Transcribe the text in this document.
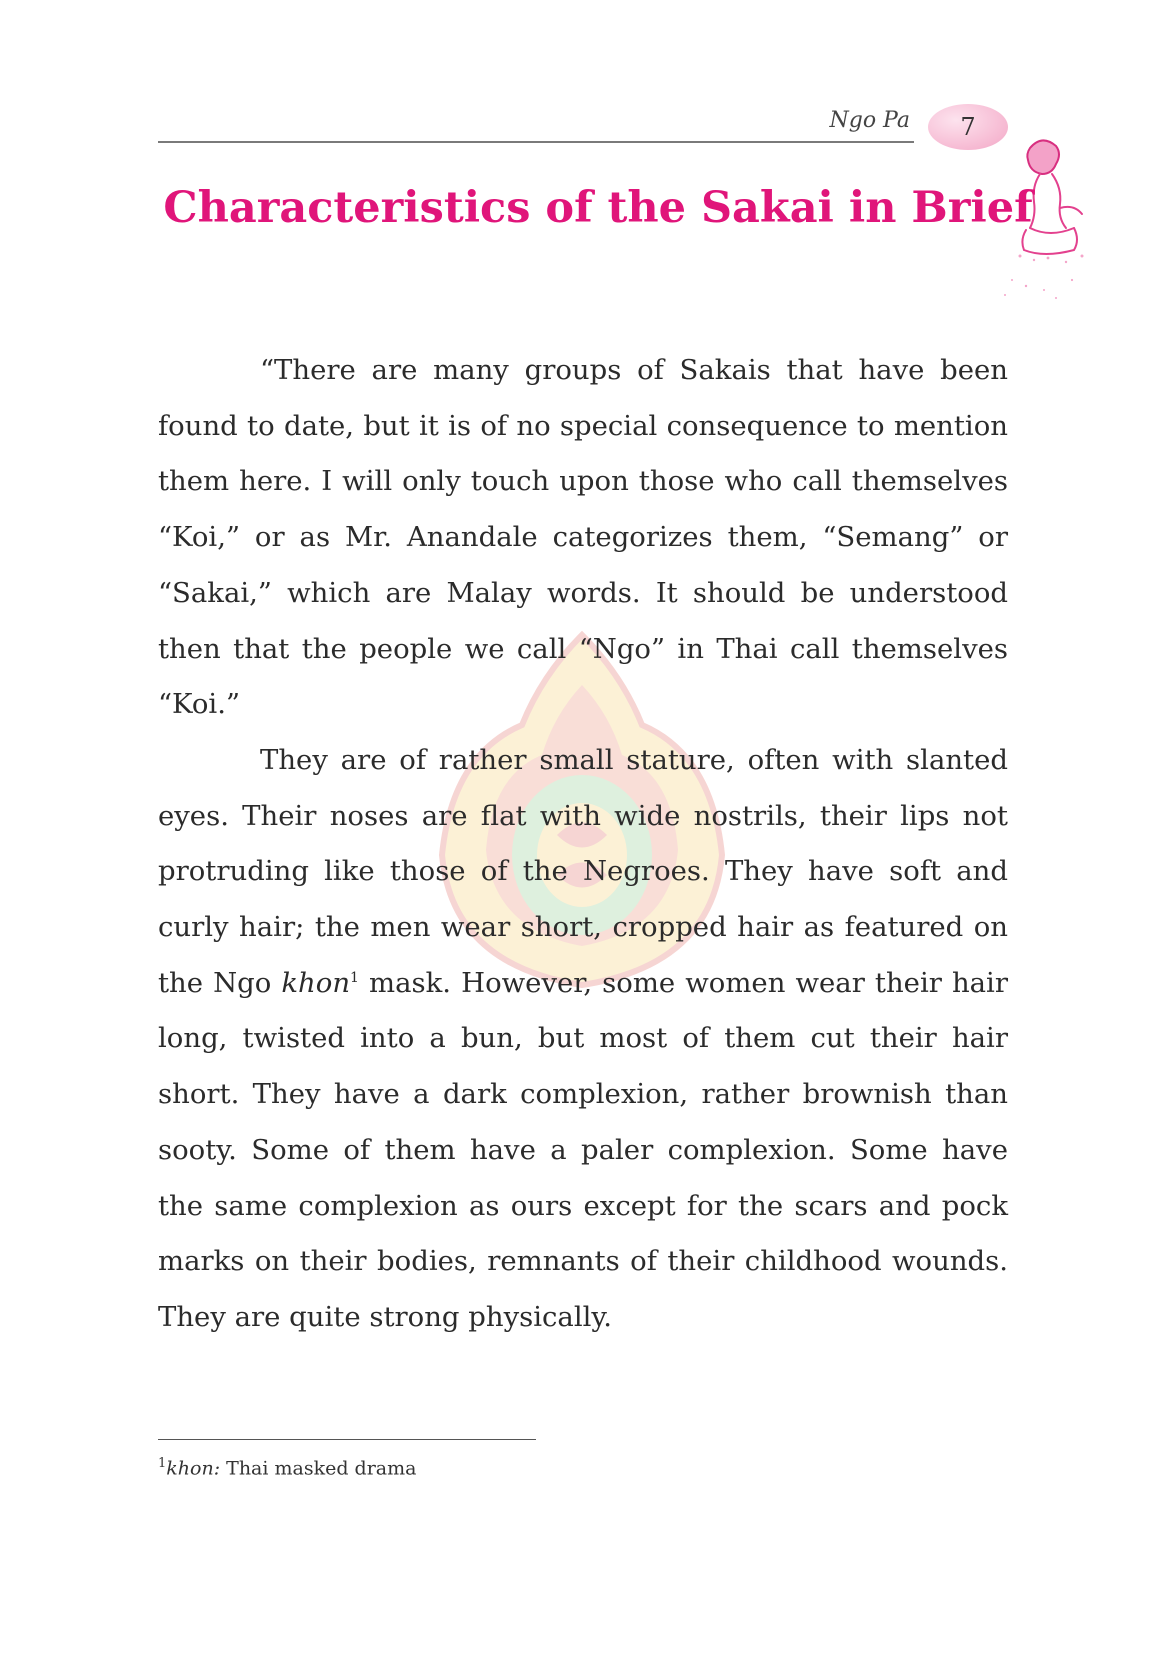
Ngo Pa 7
Characteristics of the Sakai in Brief

“There are many groups of Sakais that have been found to date, but it is of no special consequence to mention them here. I will only touch upon those who call themselves “Koi,” or as Mr. Anandale categorizes them, “Semang” or “Sakai,” which are Malay words. It should be understood then that the people we call “Ngo” in Thai call themselves “Koi.”

They are of rather small stature, often with slanted eyes. Their noses are flat with wide nostrils, their lips not protruding like those of the Negroes. They have soft and curly hair; the men wear short, cropped hair as featured on the Ngo khon$^1$ mask. However, some women wear their hair long, twisted into a bun, but most of them cut their hair short. They have a dark complexion, rather brownish than sooty. Some of them have a paler complexion. Some have the same complexion as ours except for the scars and pock marks on their bodies, remnants of their childhood wounds. They are quite strong physically.

$^1$khon: Thai masked drama
